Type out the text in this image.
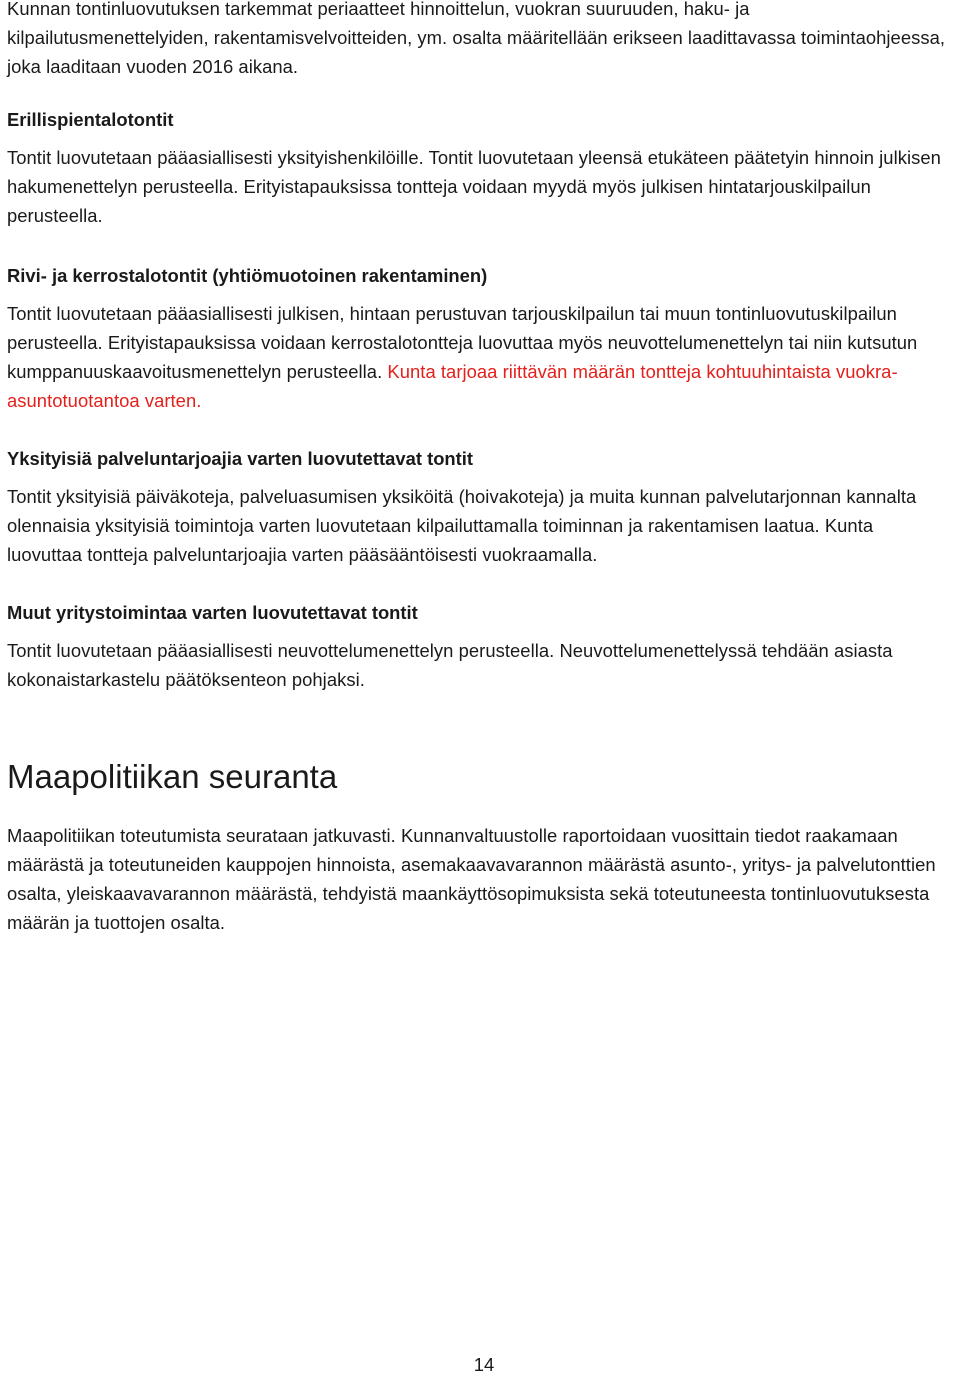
Kunnan tontinluovutuksen tarkemmat periaatteet hinnoittelun, vuokran suuruuden, haku- ja kilpailutusmenettelyiden, rakentamisvelvoitteiden, ym. osalta määritellään erikseen laadittavassa toimintaohjeessa, joka laaditaan vuoden 2016 aikana.

Erillispientalotontit

Tontit luovutetaan pääasiallisesti yksityishenkilöille. Tontit luovutetaan yleensä etukäteen päätetyin hinnoin julkisen hakumenettelyn perusteella. Erityistapauksissa tontteja voidaan myydä myös julkisen hintatarjouskilpailun perusteella.

Rivi- ja kerrostalotontit (yhtiömuotoinen rakentaminen)

Tontit luovutetaan pääasiallisesti julkisen, hintaan perustuvan tarjouskilpailun tai muun tontinluovutuskilpailun perusteella. Erityistapauksissa voidaan kerrostalotontteja luovuttaa myös neuvottelumenettelyn tai niin kutsutun kumppanuuskaavoitusmenettelyn perusteella. Kunta tarjoaa riittävän määrän tontteja kohtuuhintaista vuokra-asuntotuotantoa varten.

Yksityisiä palveluntarjoajia varten luovutettavat tontit

Tontit yksityisiä päiväkoteja, palveluasumisen yksiköitä (hoivakoteja) ja muita kunnan palvelutarjonnan kannalta olennaisia yksityisiä toimintoja varten luovutetaan kilpailuttamalla toiminnan ja rakentamisen laatua. Kunta luovuttaa tontteja palveluntarjoajia varten pääsääntöisesti vuokraamalla.

Muut yritystoimintaa varten luovutettavat tontit

Tontit luovutetaan pääasiallisesti neuvottelumenettelyn perusteella. Neuvottelumenettelyssä tehdään asiasta kokonaistarkastelu päätöksenteon pohjaksi.

Maapolitiikan seuranta

Maapolitiikan toteutumista seurataan jatkuvasti. Kunnanvaltuustolle raportoidaan vuosittain tiedot raakamaan määrästä ja toteutuneiden kauppojen hinnoista, asemakaavavarannon määrästä asunto-, yritys- ja palvelutonttien osalta, yleiskaavavarannon määrästä, tehdyistä maankäyttösopimuksista sekä toteutuneesta tontinluovutuksesta määrän ja tuottojen osalta.

14
